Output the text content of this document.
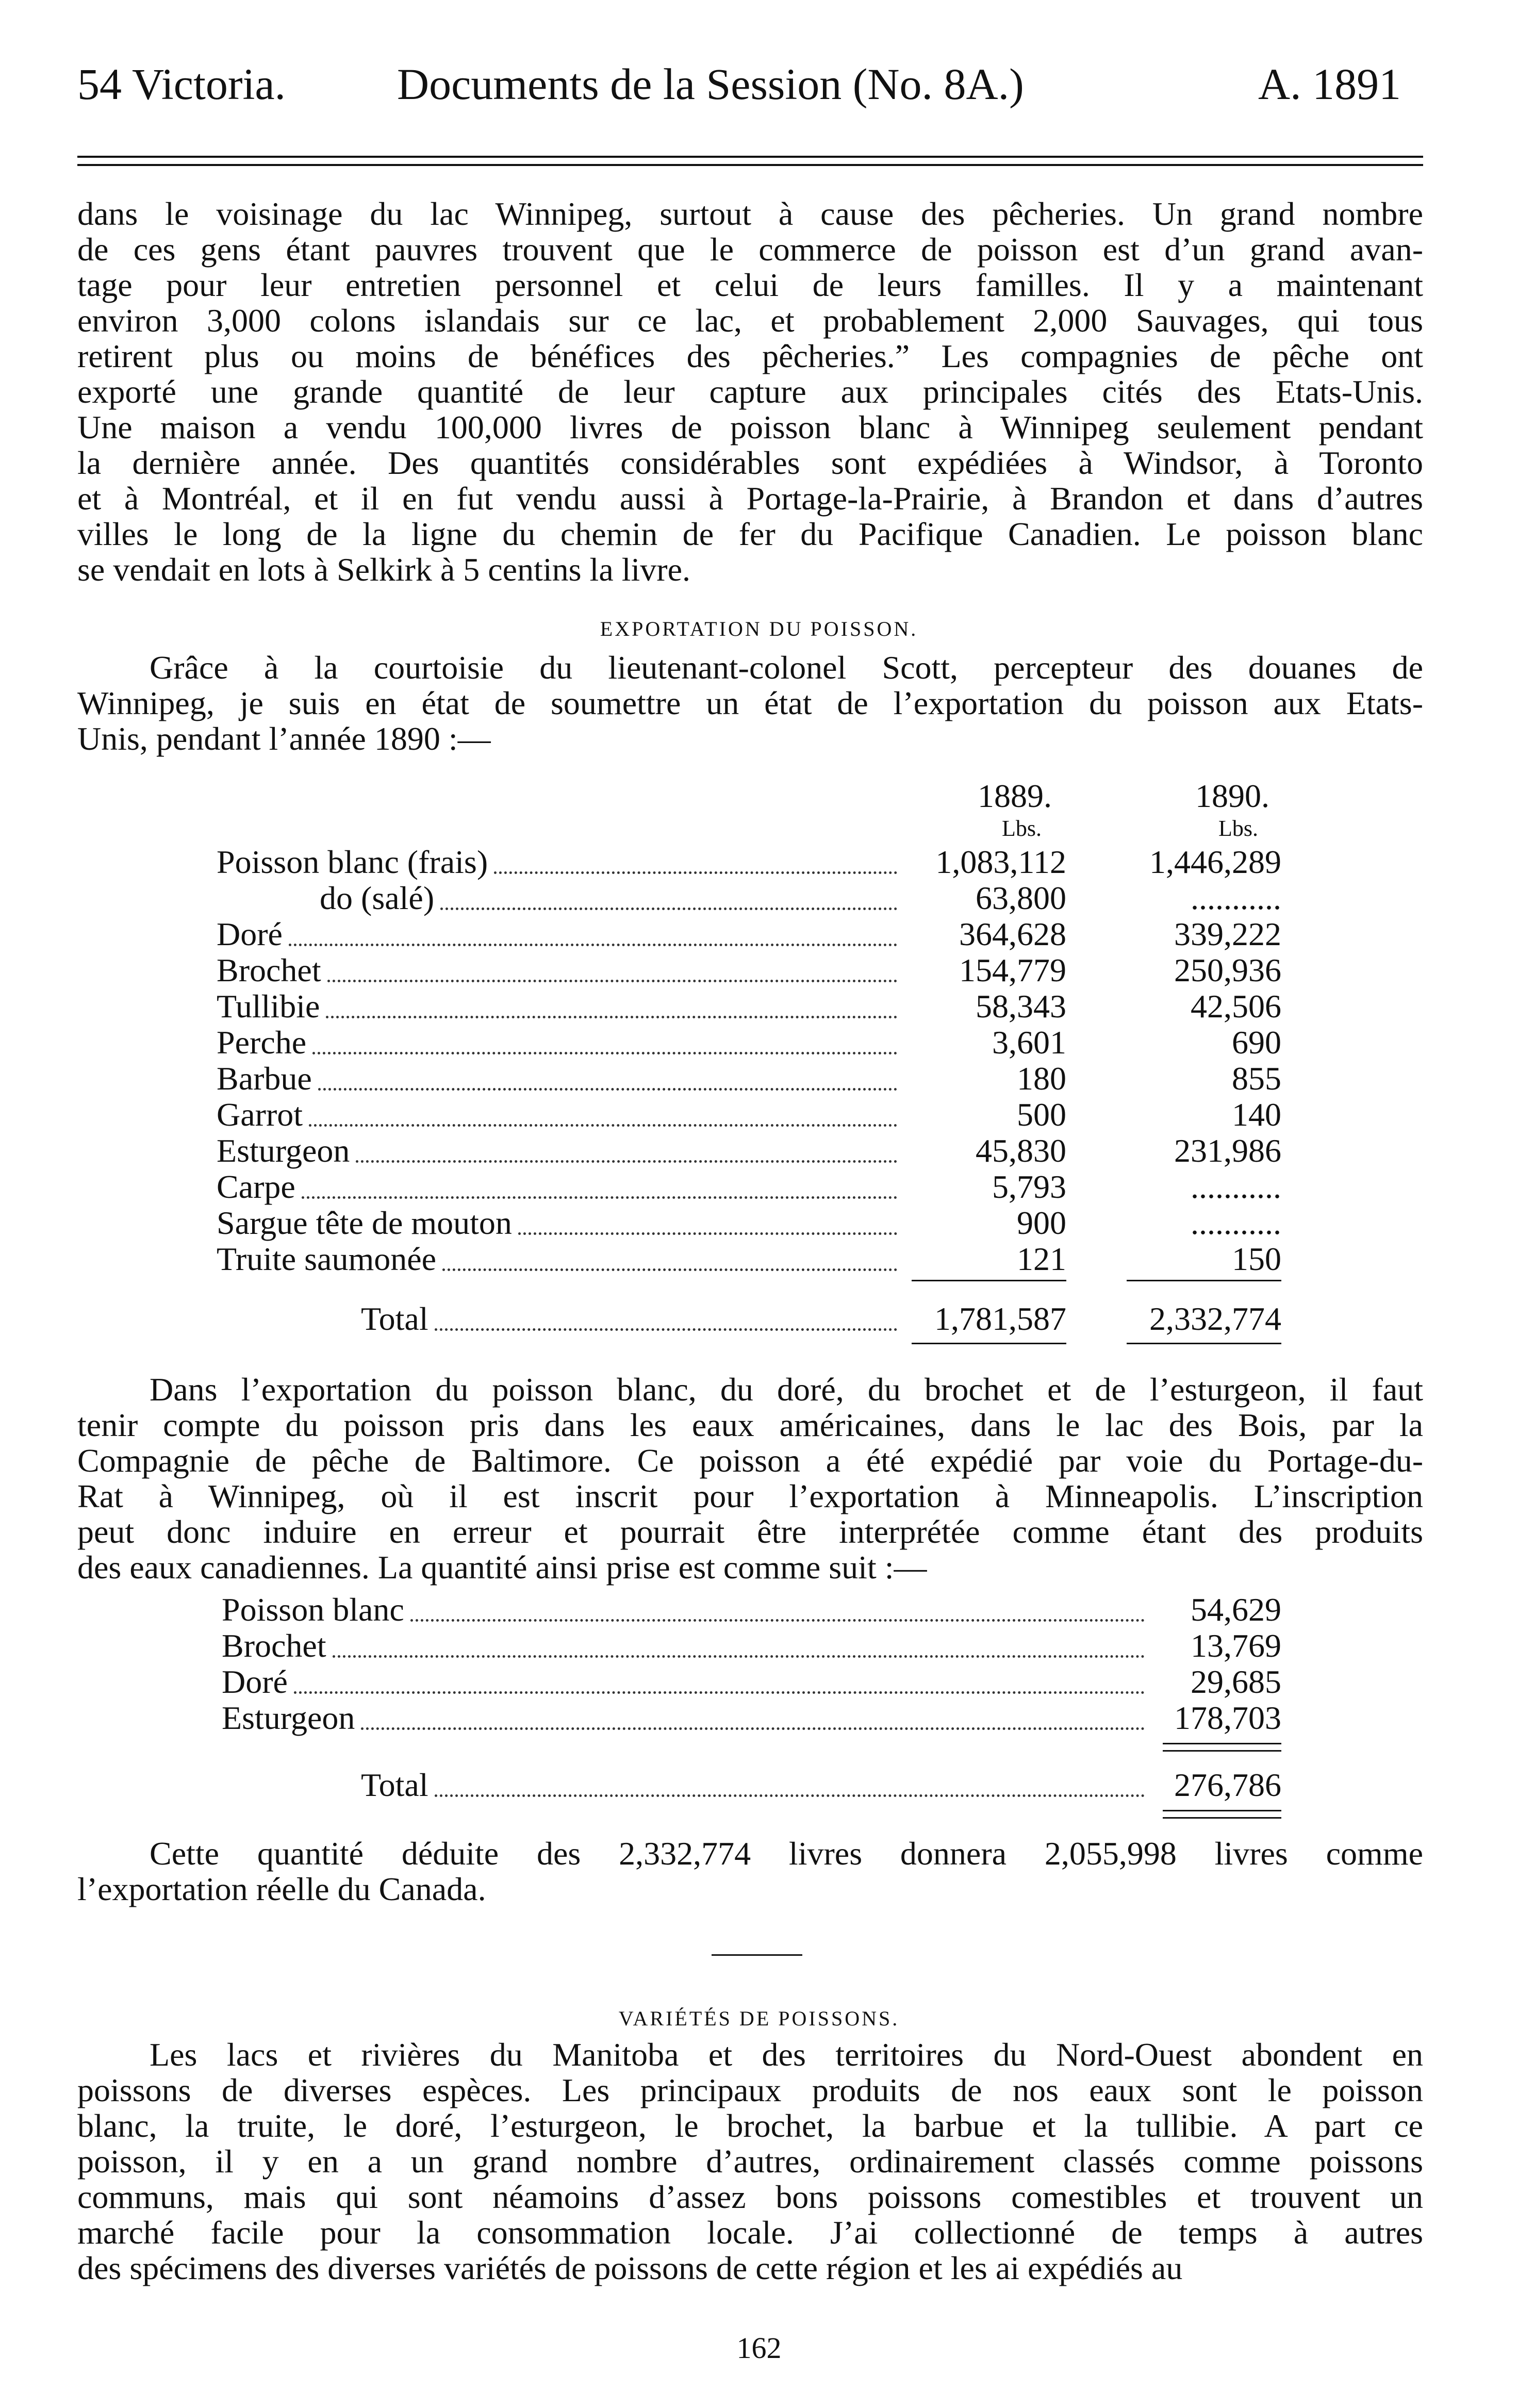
54 Victoria.	Documents de la Session (No. 8A.)	A. 1891
dans le voisinage du lac Winnipeg, surtout à cause des pêcheries. Un grand nombre
de ces gens étant pauvres trouvent que le commerce de poisson est d’un grand avan-
tage pour leur entretien personnel et celui de leurs familles. Il y a maintenant
environ 3,000 colons islandais sur ce lac, et probablement 2,000 Sauvages, qui tous
retirent plus ou moins de bénéfices des pêcheries.” Les compagnies de pêche ont
exporté une grande quantité de leur capture aux principales cités des Etats-Unis.
Une maison a vendu 100,000 livres de poisson blanc à Winnipeg seulement pendant
la dernière année. Des quantités considérables sont expédiées à Windsor, à Toronto
et à Montréal, et il en fut vendu aussi à Portage-la-Prairie, à Brandon et dans d’autres
villes le long de la ligne du chemin de fer du Pacifique Canadien. Le poisson blanc
se vendait en lots à Selkirk à 5 centins la livre.
EXPORTATION DU POISSON.
Grâce à la courtoisie du lieutenant-colonel Scott, percepteur des douanes de
Winnipeg, je suis en état de soumettre un état de l’exportation du poisson aux Etats-
Unis, pendant l’année 1890 :—
1889.	1890.
Lbs.	Lbs.
Poisson blanc (frais)	1,083,112	1,446,289
do (salé)	63,800	...........
Doré	364,628	339,222
Brochet	154,779	250,936
Tullibie	58,343	42,506
Perche	3,601	690
Barbue	180	855
Garrot	500	140
Esturgeon	45,830	231,986
Carpe	5,793	...........
Sargue tête de mouton	900	...........
Truite saumonée	121	150
Total	1,781,587	2,332,774
Dans l’exportation du poisson blanc, du doré, du brochet et de l’esturgeon, il faut
tenir compte du poisson pris dans les eaux américaines, dans le lac des Bois, par la
Compagnie de pêche de Baltimore. Ce poisson a été expédié par voie du Portage-du-
Rat à Winnipeg, où il est inscrit pour l’exportation à Minneapolis. L’inscription
peut donc induire en erreur et pourrait être interprétée comme étant des produits
des eaux canadiennes. La quantité ainsi prise est comme suit :—
Poisson blanc	54,629
Brochet	13,769
Doré	29,685
Esturgeon	178,703
Total	276,786
Cette quantité déduite des 2,332,774 livres donnera 2,055,998 livres comme
l’exportation réelle du Canada.
VARIÉTÉS DE POISSONS.
Les lacs et rivières du Manitoba et des territoires du Nord-Ouest abondent en
poissons de diverses espèces. Les principaux produits de nos eaux sont le poisson
blanc, la truite, le doré, l’esturgeon, le brochet, la barbue et la tullibie. A part ce
poisson, il y en a un grand nombre d’autres, ordinairement classés comme poissons
communs, mais qui sont néamoins d’assez bons poissons comestibles et trouvent un
marché facile pour la consommation locale. J’ai collectionné de temps à autres
des spécimens des diverses variétés de poissons de cette région et les ai expédiés au
162
